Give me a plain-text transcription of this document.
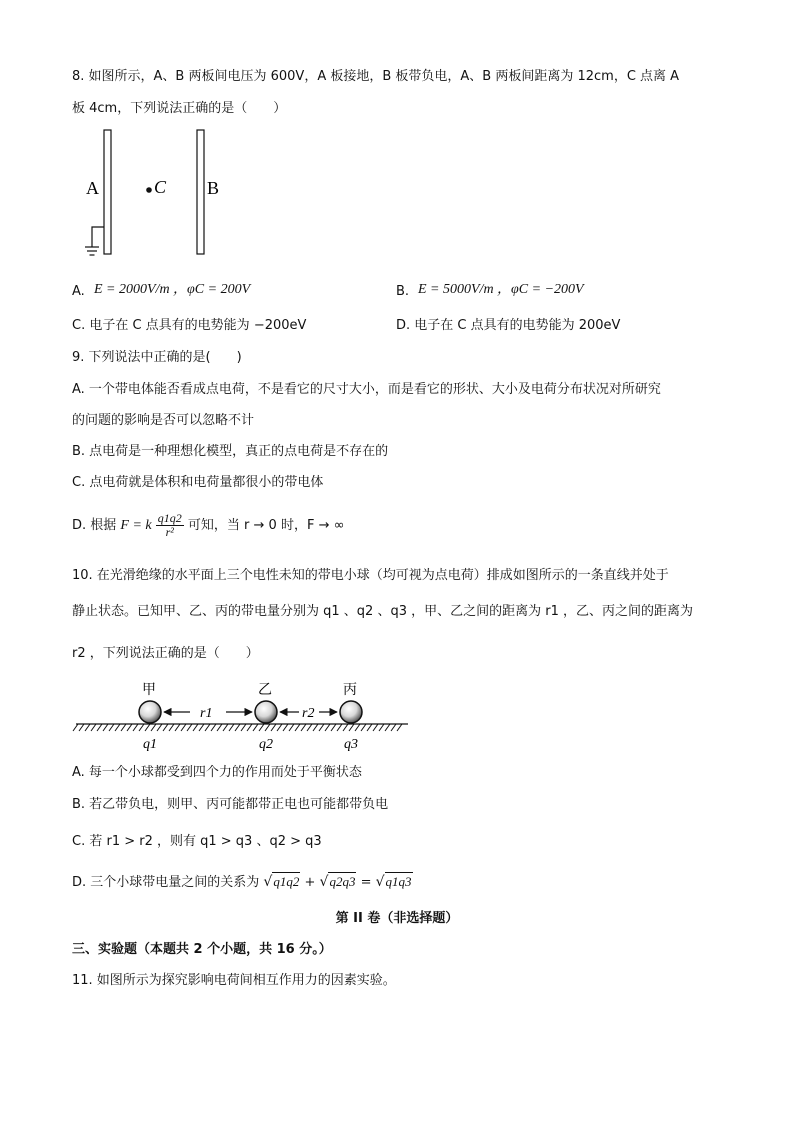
8. 如图所示，A、B 两板间电压为 600V，A 板接地，B 板带负电，A、B 两板间距离为 12cm，C 点离 A
板 4cm，下列说法正确的是（　　）
A	B
C
A. E = 2000V/m ，φC = 200V	B. E = 5000V/m ，φC = −200V
C. 电子在 C 点具有的电势能为 −200eV	D. 电子在 C 点具有的电势能为 200eV
9. 下列说法中正确的是(　　)
A. 一个带电体能否看成点电荷，不是看它的尺寸大小，而是看它的形状、大小及电荷分布状况对所研究
的问题的影响是否可以忽略不计
B. 点电荷是一种理想化模型，真正的点电荷是不存在的
C. 点电荷就是体积和电荷量都很小的带电体
D. 根据 F = k $\frac{q1q2}{\text{r²}}$ 可知，当 r → 0 时，F → ∞
10. 在光滑绝缘的水平面上三个电性未知的带电小球（均可视为点电荷）排成如图所示的一条直线并处于
静止状态。已知甲、乙、丙的带电量分别为 q1 、q2 、q3 ，甲、乙之间的距离为 r1 ，乙、丙之间的距离为
r2 ，下列说法正确的是（　　）
甲	乙	丙
r1	r2
q1	q2	q3
A. 每一个小球都受到四个力的作用而处于平衡状态
B. 若乙带负电，则甲、丙可能都带正电也可能都带负电
C. 若 r1 > r2 ，则有 q1 > q3 、q2 > q3
D. 三个小球带电量之间的关系为 √q1q2 + √q2q3 = √q1q3
第 II 卷（非选择题）
三、实验题（本题共 2 个小题，共 16 分。）
11. 如图所示为探究影响电荷间相互作用力的因素实验。
